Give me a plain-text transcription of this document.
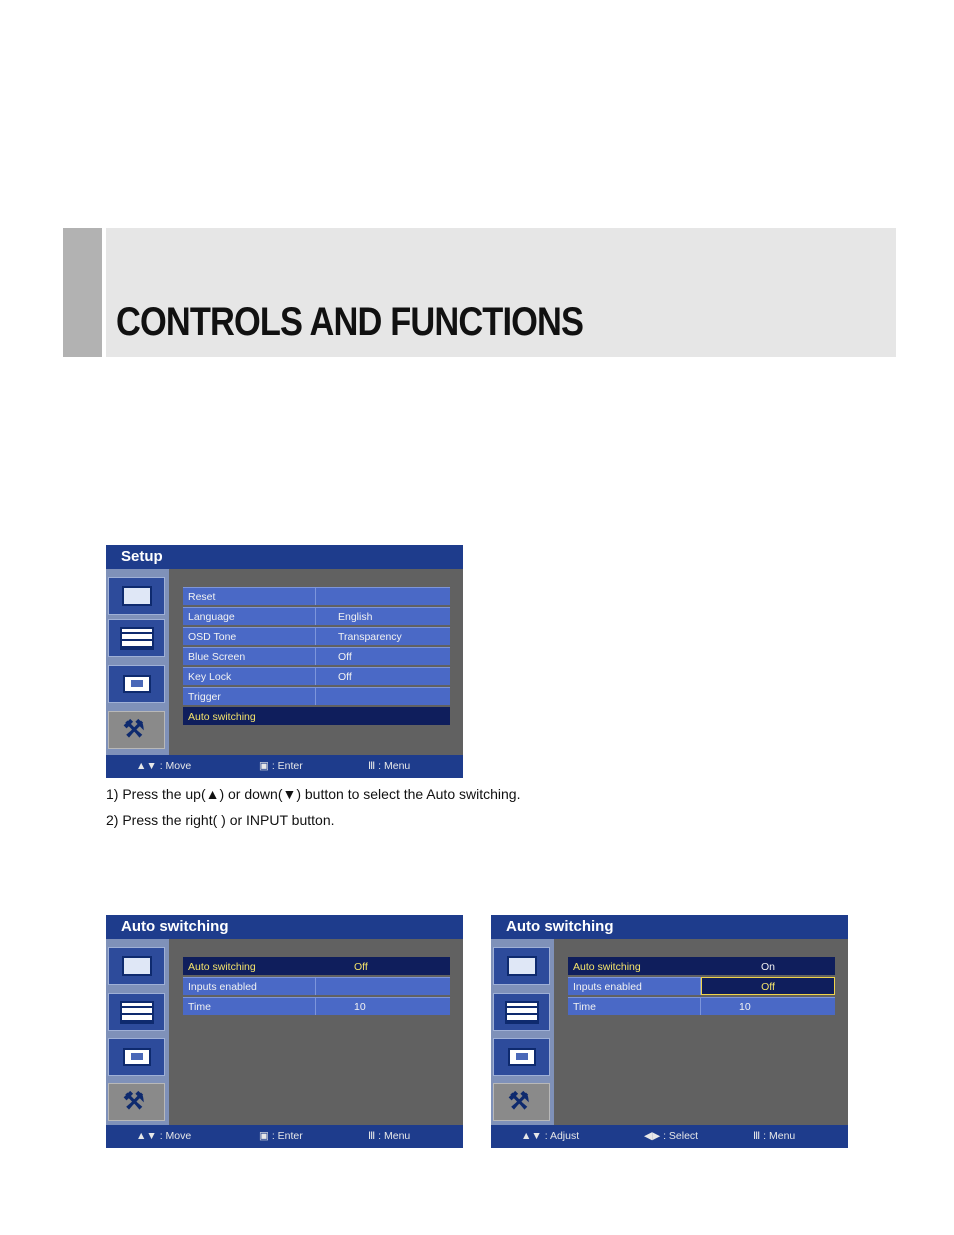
CONTROLS AND FUNCTIONS
Setup
⚒
Reset	
Language	English
OSD Tone	Transparency
Blue Screen	Off
Key Lock	Off
Trigger	
Auto switching	
▲▼ : Move	▣ : Enter	Ⅲ : Menu
1) Press the up(▲) or down(▼) button to select the Auto switching.
2) Press the right( ) or INPUT button.
Auto switching
⚒
Auto switching	Off
Inputs enabled	
Time	10
▲▼ : Move	▣ : Enter	Ⅲ : Menu
Auto switching
⚒
Auto switching	On
Inputs enabled	Off
Time	10
▲▼ : Adjust	◀▶ : Select	Ⅲ : Menu
